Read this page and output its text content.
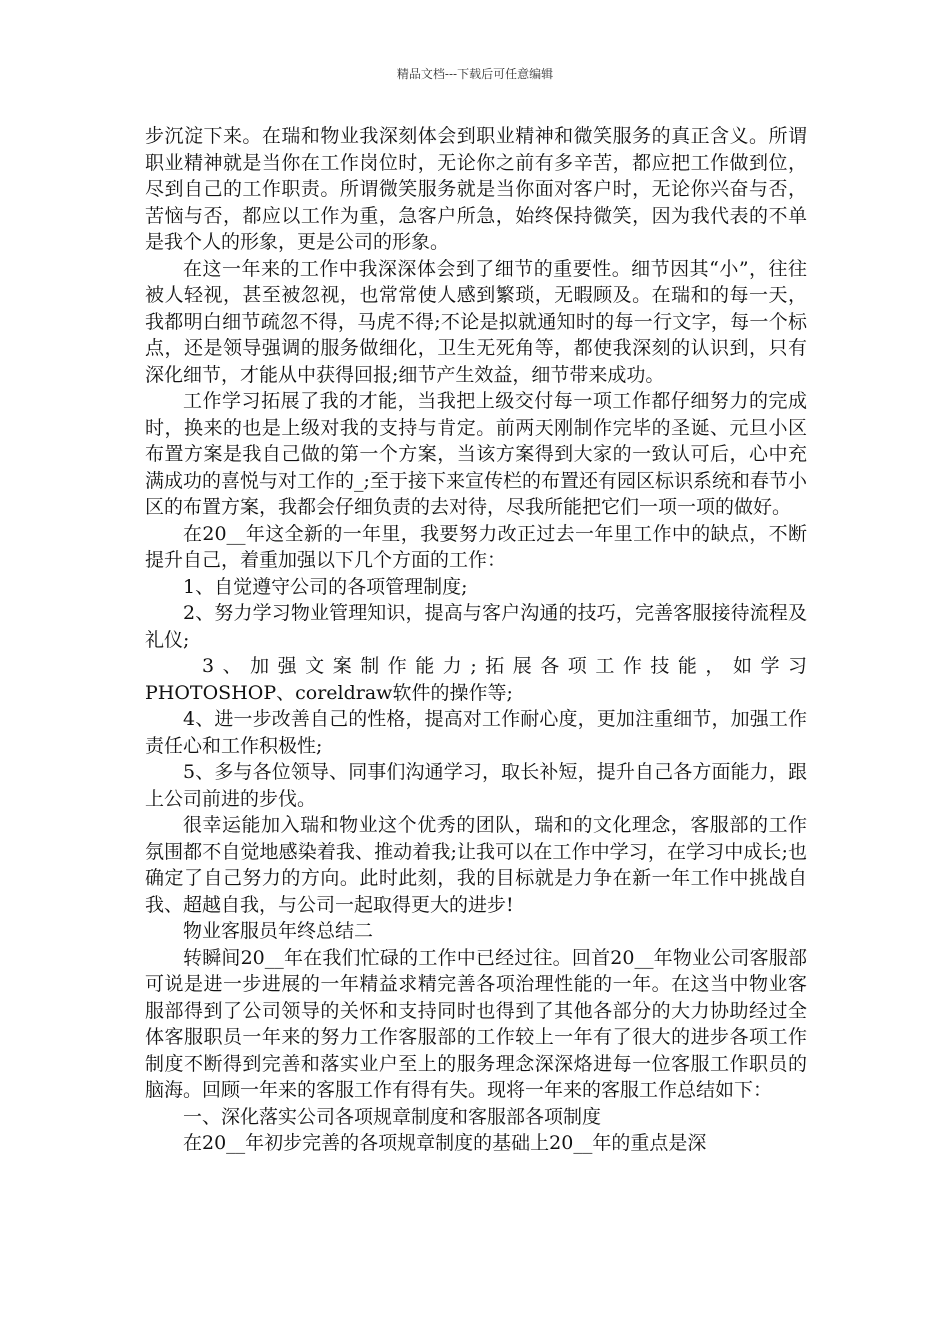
精品文档---下载后可任意编辑

步沉淀下来。在瑞和物业我深刻体会到职业精神和微笑服务的真正含义。所谓职业精神就是当你在工作岗位时，无论你之前有多辛苦，都应把工作做到位，尽到自己的工作职责。所谓微笑服务就是当你面对客户时，无论你兴奋与否，苦恼与否，都应以工作为重，急客户所急，始终保持微笑，因为我代表的不单是我个人的形象，更是公司的形象。

在这一年来的工作中我深深体会到了细节的重要性。细节因其“小”，往往被人轻视，甚至被忽视，也常常使人感到繁琐，无暇顾及。在瑞和的每一天，我都明白细节疏忽不得，马虎不得;不论是拟就通知时的每一行文字，每一个标点，还是领导强调的服务做细化，卫生无死角等，都使我深刻的认识到，只有深化细节，才能从中获得回报;细节产生效益，细节带来成功。

工作学习拓展了我的才能，当我把上级交付每一项工作都仔细努力的完成时，换来的也是上级对我的支持与肯定。前两天刚制作完毕的圣诞、元旦小区布置方案是我自己做的第一个方案，当该方案得到大家的一致认可后，心中充满成功的喜悦与对工作的_;至于接下来宣传栏的布置还有园区标识系统和春节小区的布置方案，我都会仔细负责的去对待，尽我所能把它们一项一项的做好。

在20__年这全新的一年里，我要努力改正过去一年里工作中的缺点，不断提升自己，着重加强以下几个方面的工作：

1、自觉遵守公司的各项管理制度;

2、努力学习物业管理知识，提高与客户沟通的技巧，完善客服接待流程及礼仪;

3、加强文案制作能力;拓展各项工作技能，如学习

PHOTOSHOP、coreldraw软件的操作等;

4、进一步改善自己的性格，提高对工作耐心度，更加注重细节，加强工作责任心和工作积极性;

5、多与各位领导、同事们沟通学习，取长补短，提升自己各方面能力，跟上公司前进的步伐。

很幸运能加入瑞和物业这个优秀的团队，瑞和的文化理念，客服部的工作氛围都不自觉地感染着我、推动着我;让我可以在工作中学习，在学习中成长;也确定了自己努力的方向。此时此刻，我的目标就是力争在新一年工作中挑战自我、超越自我，与公司一起取得更大的进步!

物业客服员年终总结二

转瞬间20__年在我们忙碌的工作中已经过往。回首20__年物业公司客服部可说是进一步进展的一年精益求精完善各项治理性能的一年。在这当中物业客服部得到了公司领导的关怀和支持同时也得到了其他各部分的大力协助经过全体客服职员一年来的努力工作客服部的工作较上一年有了很大的进步各项工作制度不断得到完善和落实业户至上的服务理念深深烙进每一位客服工作职员的脑海。回顾一年来的客服工作有得有失。现将一年来的客服工作总结如下：

一、深化落实公司各项规章制度和客服部各项制度

在20__年初步完善的各项规章制度的基础上20__年的重点是深
